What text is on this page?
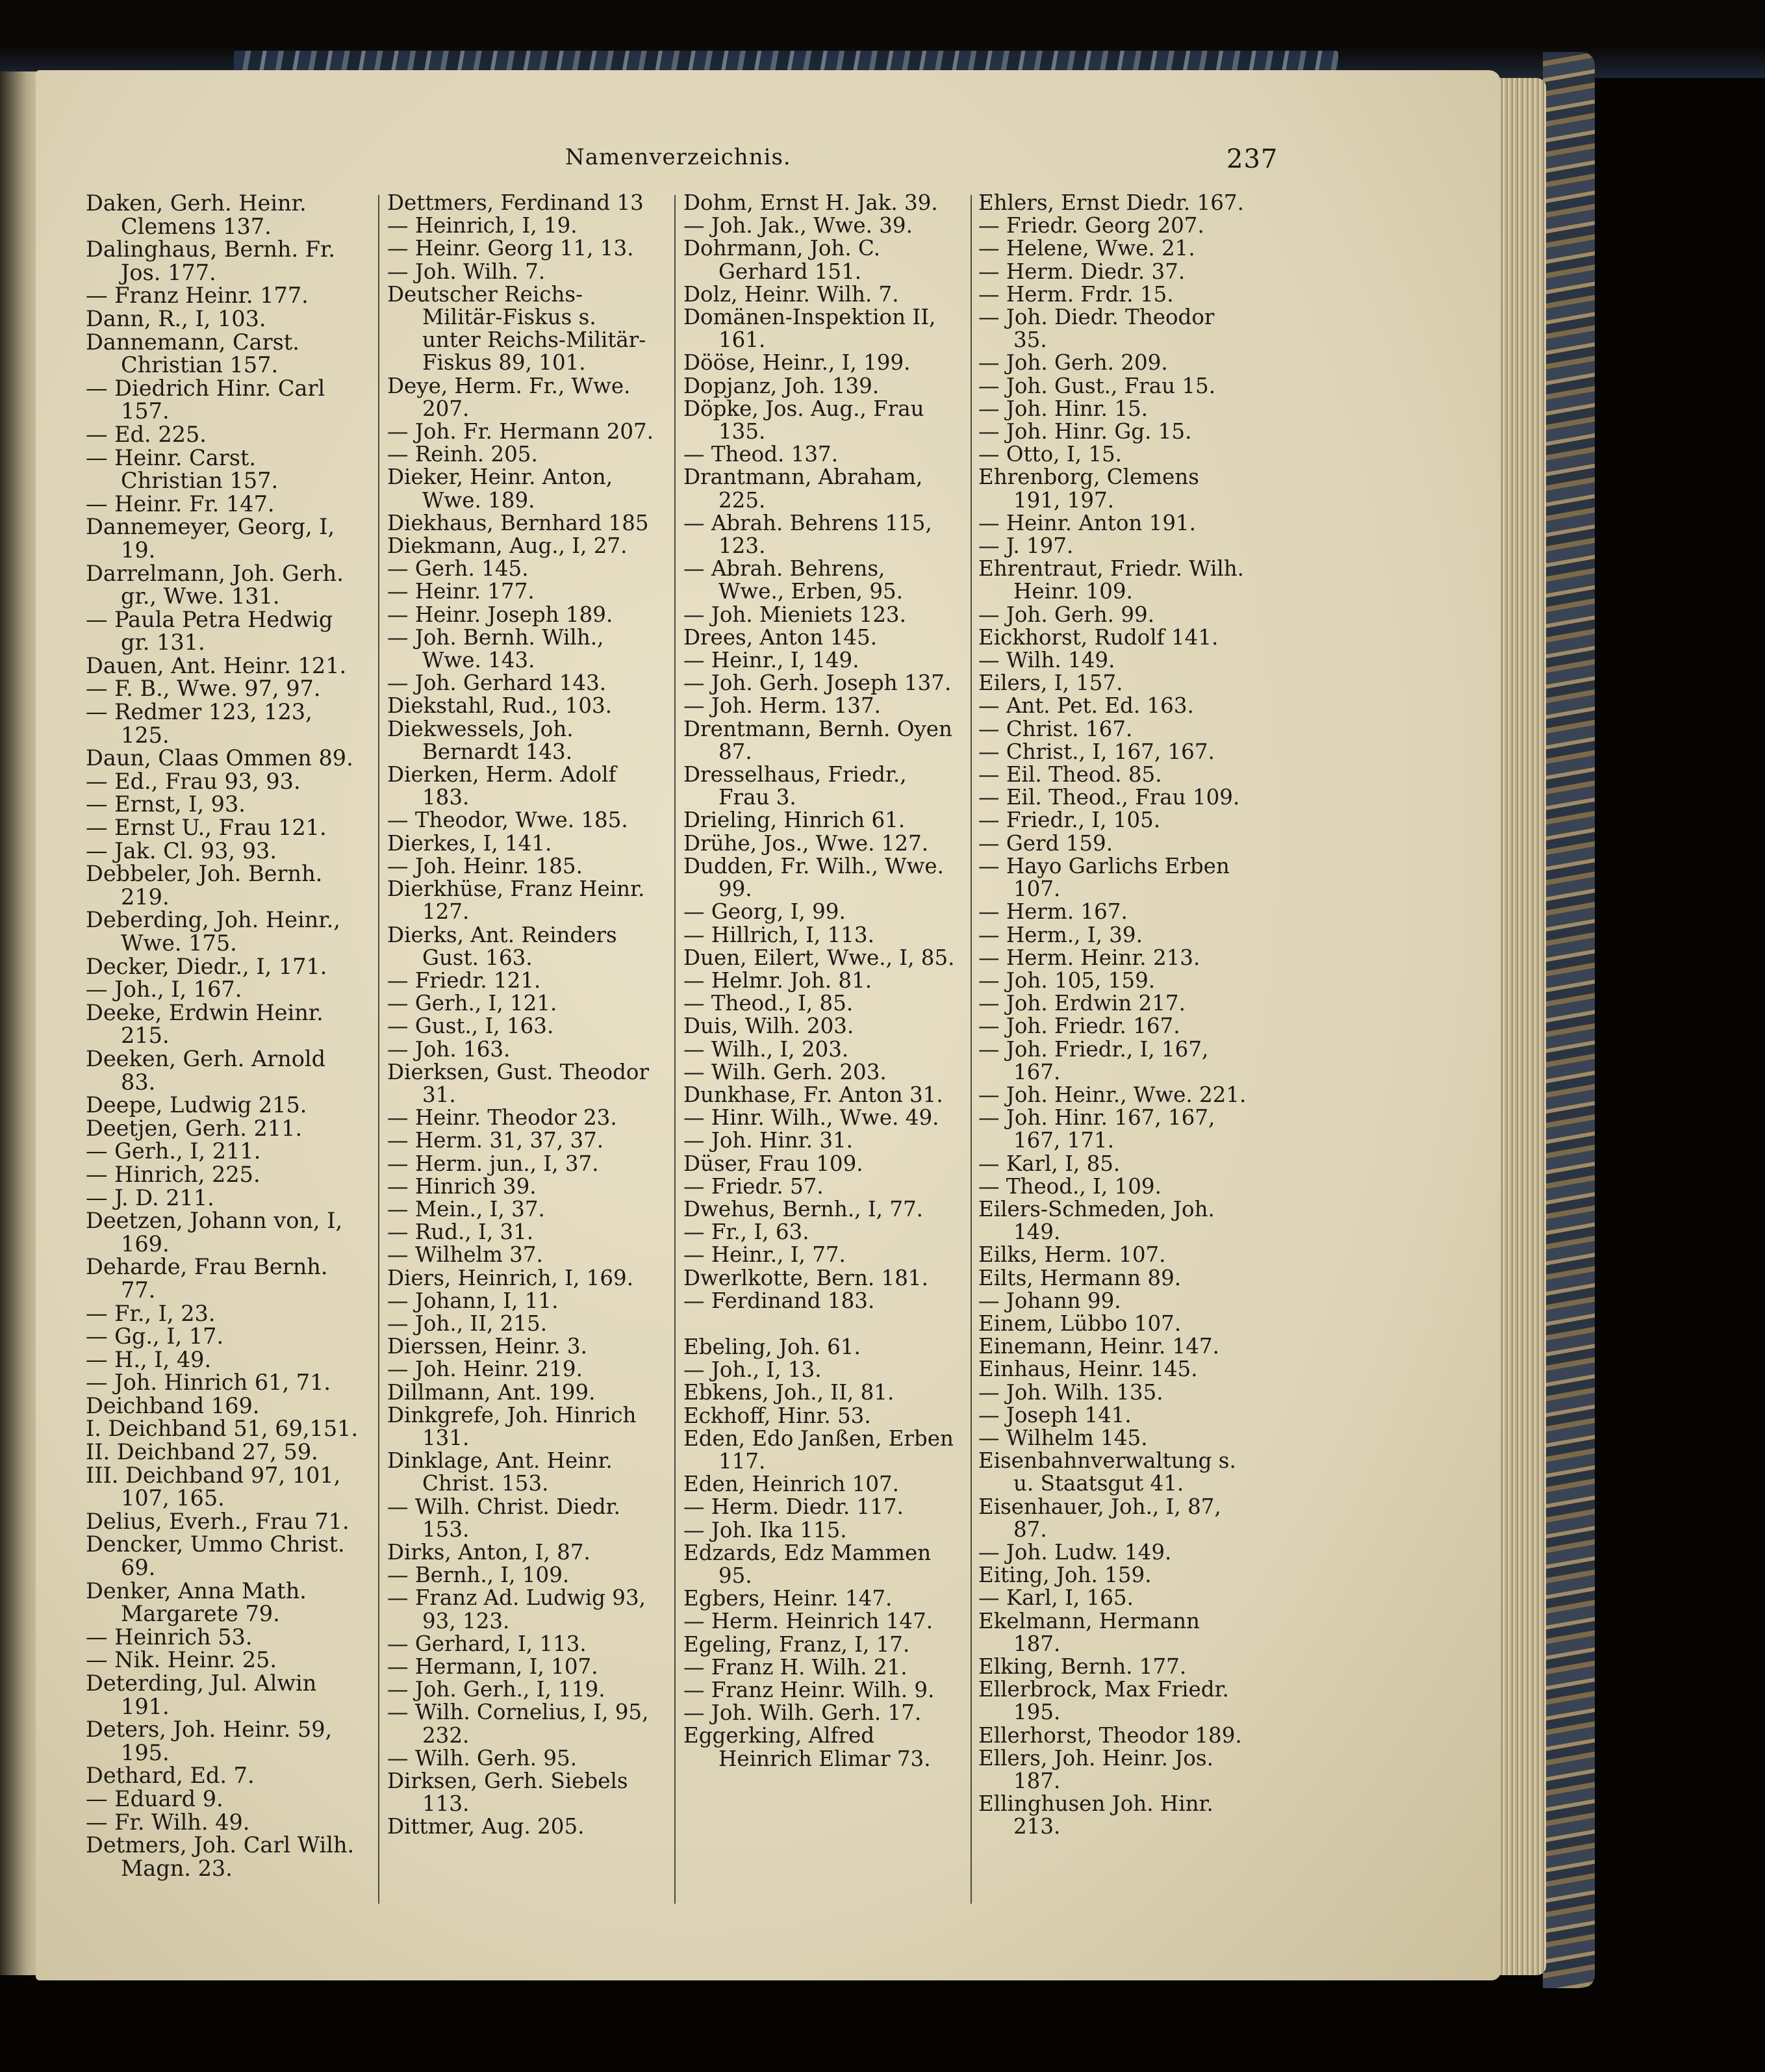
Namenverzeichnis.	237
Daken, Gerh. Heinr. Clemens 137.
Dalinghaus, Bernh. Fr. Jos. 177.
— Franz Heinr. 177.
Dann, R., I, 103.
Dannemann, Carst. Christian 157.
— Diedrich Hinr. Carl 157.
— Ed. 225.
— Heinr. Carst. Christian 157.
— Heinr. Fr. 147.
Dannemeyer, Georg, I, 19.
Darrelmann, Joh. Gerh. gr., Wwe. 131.
— Paula Petra Hedwig gr. 131.
Dauen, Ant. Heinr. 121.
— F. B., Wwe. 97, 97.
— Redmer 123, 123, 125.
Daun, Claas Ommen 89.
— Ed., Frau 93, 93.
— Ernst, I, 93.
— Ernst U., Frau 121.
— Jak. Cl. 93, 93.
Debbeler, Joh. Bernh. 219.
Deberding, Joh. Heinr., Wwe. 175.
Decker, Diedr., I, 171.
— Joh., I, 167.
Deeke, Erdwin Heinr. 215.
Deeken, Gerh. Arnold 83.
Deepe, Ludwig 215.
Deetjen, Gerh. 211.
— Gerh., I, 211.
— Hinrich, 225.
— J. D. 211.
Deetzen, Johann von, I, 169.
Deharde, Frau Bernh. 77.
— Fr., I, 23.
— Gg., I, 17.
— H., I, 49.
— Joh. Hinrich 61, 71.
Deichband 169.
I. Deichband 51, 69,151.
II. Deichband 27, 59.
III. Deichband 97, 101, 107, 165.
Delius, Everh., Frau 71.
Dencker, Ummo Christ. 69.
Denker, Anna Math. Margarete 79.
— Heinrich 53.
— Nik. Heinr. 25.
Deterding, Jul. Alwin 191.
Deters, Joh. Heinr. 59, 195.
Dethard, Ed. 7.
— Eduard 9.
— Fr. Wilh. 49.
Detmers, Joh. Carl Wilh. Magn. 23.
Dettmers, Ferdinand 13
— Heinrich, I, 19.
— Heinr. Georg 11, 13.
— Joh. Wilh. 7.
Deutscher Reichs-Militär-Fiskus s. unter Reichs-Militär-Fiskus 89, 101.
Deye, Herm. Fr., Wwe. 207.
— Joh. Fr. Hermann 207.
— Reinh. 205.
Dieker, Heinr. Anton, Wwe. 189.
Diekhaus, Bernhard 185
Diekmann, Aug., I, 27.
— Gerh. 145.
— Heinr. 177.
— Heinr. Joseph 189.
— Joh. Bernh. Wilh., Wwe. 143.
— Joh. Gerhard 143.
Diekstahl, Rud., 103.
Diekwessels, Joh. Bernardt 143.
Dierken, Herm. Adolf 183.
— Theodor, Wwe. 185.
Dierkes, I, 141.
— Joh. Heinr. 185.
Dierkhüse, Franz Heinr. 127.
Dierks, Ant. Reinders Gust. 163.
— Friedr. 121.
— Gerh., I, 121.
— Gust., I, 163.
— Joh. 163.
Dierksen, Gust. Theodor 31.
— Heinr. Theodor 23.
— Herm. 31, 37, 37.
— Herm. jun., I, 37.
— Hinrich 39.
— Mein., I, 37.
— Rud., I, 31.
— Wilhelm 37.
Diers, Heinrich, I, 169.
— Johann, I, 11.
— Joh., II, 215.
Dierssen, Heinr. 3.
— Joh. Heinr. 219.
Dillmann, Ant. 199.
Dinkgrefe, Joh. Hinrich 131.
Dinklage, Ant. Heinr. Christ. 153.
— Wilh. Christ. Diedr. 153.
Dirks, Anton, I, 87.
— Bernh., I, 109.
— Franz Ad. Ludwig 93, 93, 123.
— Gerhard, I, 113.
— Hermann, I, 107.
— Joh. Gerh., I, 119.
— Wilh. Cornelius, I, 95, 232.
— Wilh. Gerh. 95.
Dirksen, Gerh. Siebels 113.
Dittmer, Aug. 205.
Dohm, Ernst H. Jak. 39.
— Joh. Jak., Wwe. 39.
Dohrmann, Joh. C. Gerhard 151.
Dolz, Heinr. Wilh. 7.
Domänen-Inspektion II, 161.
Dööse, Heinr., I, 199.
Dopjanz, Joh. 139.
Döpke, Jos. Aug., Frau 135.
— Theod. 137.
Drantmann, Abraham, 225.
— Abrah. Behrens 115, 123.
— Abrah. Behrens, Wwe., Erben, 95.
— Joh. Mieniets 123.
Drees, Anton 145.
— Heinr., I, 149.
— Joh. Gerh. Joseph 137.
— Joh. Herm. 137.
Drentmann, Bernh. Oyen 87.
Dresselhaus, Friedr., Frau 3.
Drieling, Hinrich 61.
Drühe, Jos., Wwe. 127.
Dudden, Fr. Wilh., Wwe. 99.
— Georg, I, 99.
— Hillrich, I, 113.
Duen, Eilert, Wwe., I, 85.
— Helmr. Joh. 81.
— Theod., I, 85.
Duis, Wilh. 203.
— Wilh., I, 203.
— Wilh. Gerh. 203.
Dunkhase, Fr. Anton 31.
— Hinr. Wilh., Wwe. 49.
— Joh. Hinr. 31.
Düser, Frau 109.
— Friedr. 57.
Dwehus, Bernh., I, 77.
— Fr., I, 63.
— Heinr., I, 77.
Dwerlkotte, Bern. 181.
— Ferdinand 183.
Ebeling, Joh. 61.
— Joh., I, 13.
Ebkens, Joh., II, 81.
Eckhoff, Hinr. 53.
Eden, Edo Janßen, Erben 117.
Eden, Heinrich 107.
— Herm. Diedr. 117.
— Joh. Ika 115.
Edzards, Edz Mammen 95.
Egbers, Heinr. 147.
— Herm. Heinrich 147.
Egeling, Franz, I, 17.
— Franz H. Wilh. 21.
— Franz Heinr. Wilh. 9.
— Joh. Wilh. Gerh. 17.
Eggerking, Alfred Heinrich Elimar 73.
Ehlers, Ernst Diedr. 167.
— Friedr. Georg 207.
— Helene, Wwe. 21.
— Herm. Diedr. 37.
— Herm. Frdr. 15.
— Joh. Diedr. Theodor 35.
— Joh. Gerh. 209.
— Joh. Gust., Frau 15.
— Joh. Hinr. 15.
— Joh. Hinr. Gg. 15.
— Otto, I, 15.
Ehrenborg, Clemens 191, 197.
— Heinr. Anton 191.
— J. 197.
Ehrentraut, Friedr. Wilh. Heinr. 109.
— Joh. Gerh. 99.
Eickhorst, Rudolf 141.
— Wilh. 149.
Eilers, I, 157.
— Ant. Pet. Ed. 163.
— Christ. 167.
— Christ., I, 167, 167.
— Eil. Theod. 85.
— Eil. Theod., Frau 109.
— Friedr., I, 105.
— Gerd 159.
— Hayo Garlichs Erben 107.
— Herm. 167.
— Herm., I, 39.
— Herm. Heinr. 213.
— Joh. 105, 159.
— Joh. Erdwin 217.
— Joh. Friedr. 167.
— Joh. Friedr., I, 167, 167.
— Joh. Heinr., Wwe. 221.
— Joh. Hinr. 167, 167, 167, 171.
— Karl, I, 85.
— Theod., I, 109.
Eilers-Schmeden, Joh. 149.
Eilks, Herm. 107.
Eilts, Hermann 89.
— Johann 99.
Einem, Lübbo 107.
Einemann, Heinr. 147.
Einhaus, Heinr. 145.
— Joh. Wilh. 135.
— Joseph 141.
— Wilhelm 145.
Eisenbahnverwaltung s. u. Staatsgut 41.
Eisenhauer, Joh., I, 87, 87.
— Joh. Ludw. 149.
Eiting, Joh. 159.
— Karl, I, 165.
Ekelmann, Hermann 187.
Elking, Bernh. 177.
Ellerbrock, Max Friedr. 195.
Ellerhorst, Theodor 189.
Ellers, Joh. Heinr. Jos. 187.
Ellinghusen Joh. Hinr. 213.
